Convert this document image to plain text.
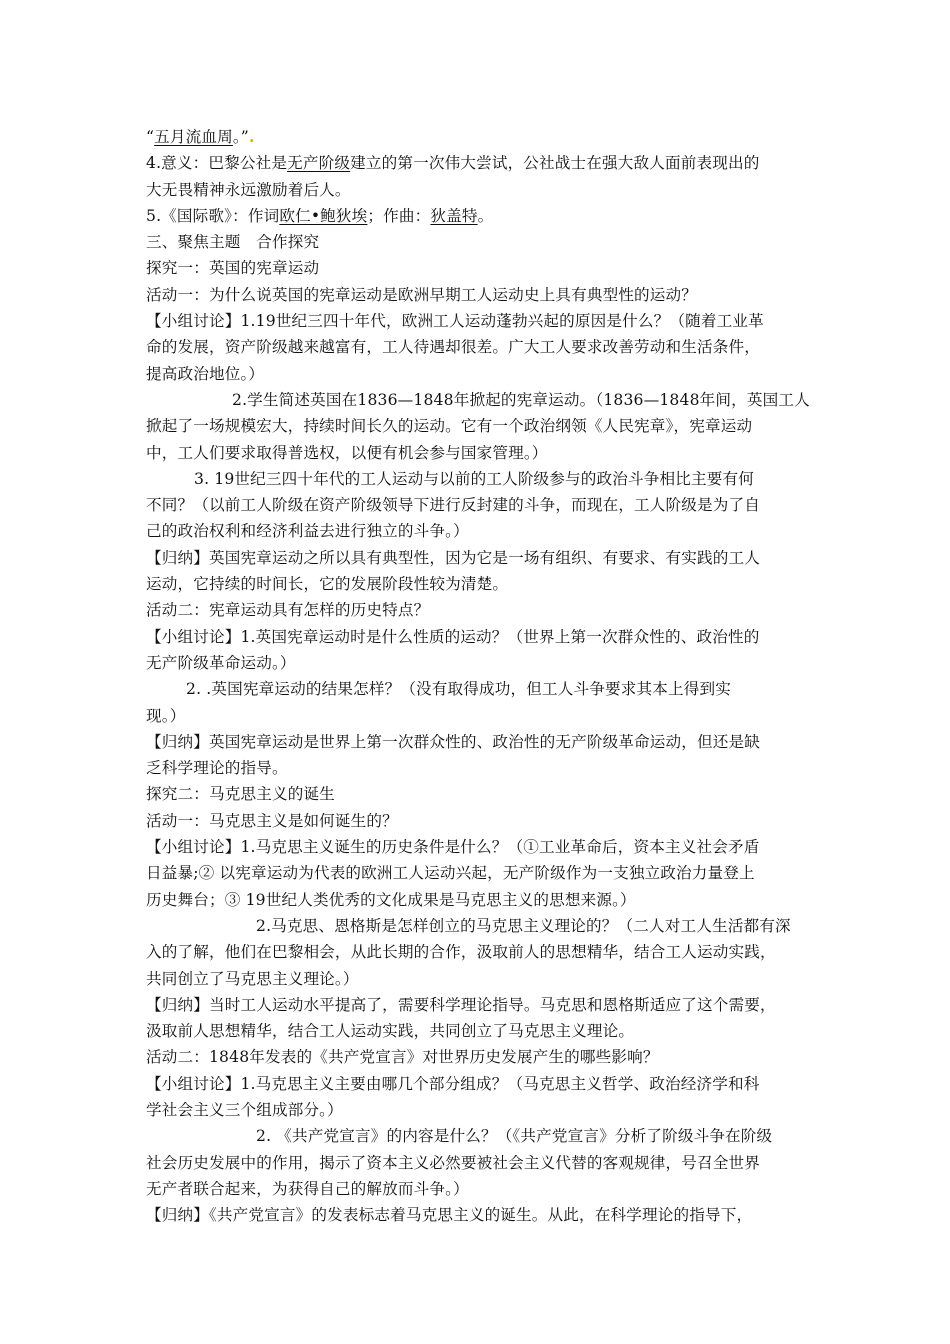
“五月流血周。”.
4.意义：巴黎公社是无产阶级建立的第一次伟大尝试，公社战士在强大敌人面前表现出的
大无畏精神永远激励着后人。
5.《国际歌》：作词欧仁•鲍狄埃；作曲：狄盖特。
三、聚焦主题　合作探究
探究一：英国的宪章运动
活动一：为什么说英国的宪章运动是欧洲早期工人运动史上具有典型性的运动？
【小组讨论】1.19世纪三四十年代，欧洲工人运动蓬勃兴起的原因是什么？（随着工业革
命的发展，资产阶级越来越富有，工人待遇却很差。广大工人要求改善劳动和生活条件，
提高政治地位。）
2.学生简述英国在1836—1848年掀起的宪章运动。（1836—1848年间，英国工人
掀起了一场规模宏大，持续时间长久的运动。它有一个政治纲领《人民宪章》，宪章运动
中，工人们要求取得普选权，以便有机会参与国家管理。）
3. 19世纪三四十年代的工人运动与以前的工人阶级参与的政治斗争相比主要有何
不同？（以前工人阶级在资产阶级领导下进行反封建的斗争，而现在，工人阶级是为了自
己的政治权利和经济利益去进行独立的斗争。）
【归纳】英国宪章运动之所以具有典型性，因为它是一场有组织、有要求、有实践的工人
运动，它持续的时间长，它的发展阶段性较为清楚。
活动二：宪章运动具有怎样的历史特点？
【小组讨论】1.英国宪章运动时是什么性质的运动？（世界上第一次群众性的、政治性的
无产阶级革命运动。）
2. .英国宪章运动的结果怎样？（没有取得成功，但工人斗争要求其本上得到实
现。）
【归纳】英国宪章运动是世界上第一次群众性的、政治性的无产阶级革命运动，但还是缺
乏科学理论的指导。
探究二：马克思主义的诞生
活动一：马克思主义是如何诞生的？
【小组讨论】1.马克思主义诞生的历史条件是什么？（①工业革命后，资本主义社会矛盾
日益暴;② 以宪章运动为代表的欧洲工人运动兴起，无产阶级作为一支独立政治力量登上
历史舞台；③ 19世纪人类优秀的文化成果是马克思主义的思想来源。）
2.马克思、恩格斯是怎样创立的马克思主义理论的？（二人对工人生活都有深
入的了解，他们在巴黎相会，从此长期的合作，汲取前人的思想精华，结合工人运动实践，
共同创立了马克思主义理论。）
【归纳】当时工人运动水平提高了，需要科学理论指导。马克思和恩格斯适应了这个需要，
汲取前人思想精华，结合工人运动实践，共同创立了马克思主义理论。
活动二：1848年发表的《共产党宣言》对世界历史发展产生的哪些影响？
【小组讨论】1.马克思主义主要由哪几个部分组成？（马克思主义哲学、政治经济学和科
学社会主义三个组成部分。）
2. 《共产党宣言》的内容是什么？（《共产党宣言》分析了阶级斗争在阶级
社会历史发展中的作用，揭示了资本主义必然要被社会主义代替的客观规律，号召全世界
无产者联合起来，为获得自己的解放而斗争。）
【归纳】《共产党宣言》的发表标志着马克思主义的诞生。从此，在科学理论的指导下，
